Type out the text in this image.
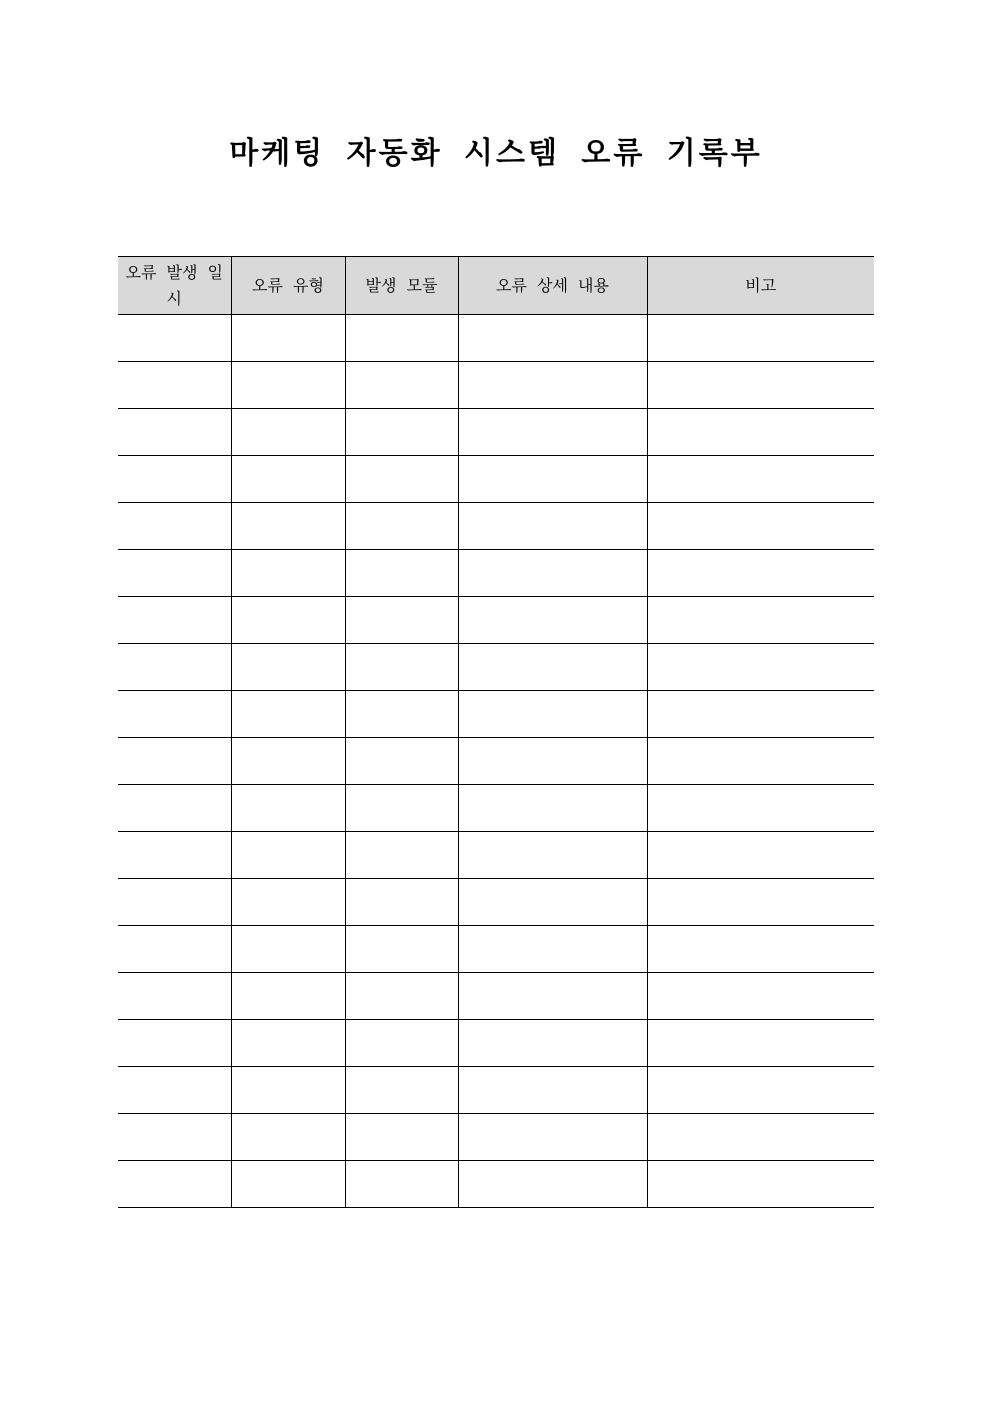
마케팅 자동화 시스템 오류 기록부
오류 발생 일시	오류 유형	발생 모듈	오류 상세 내용	비고
